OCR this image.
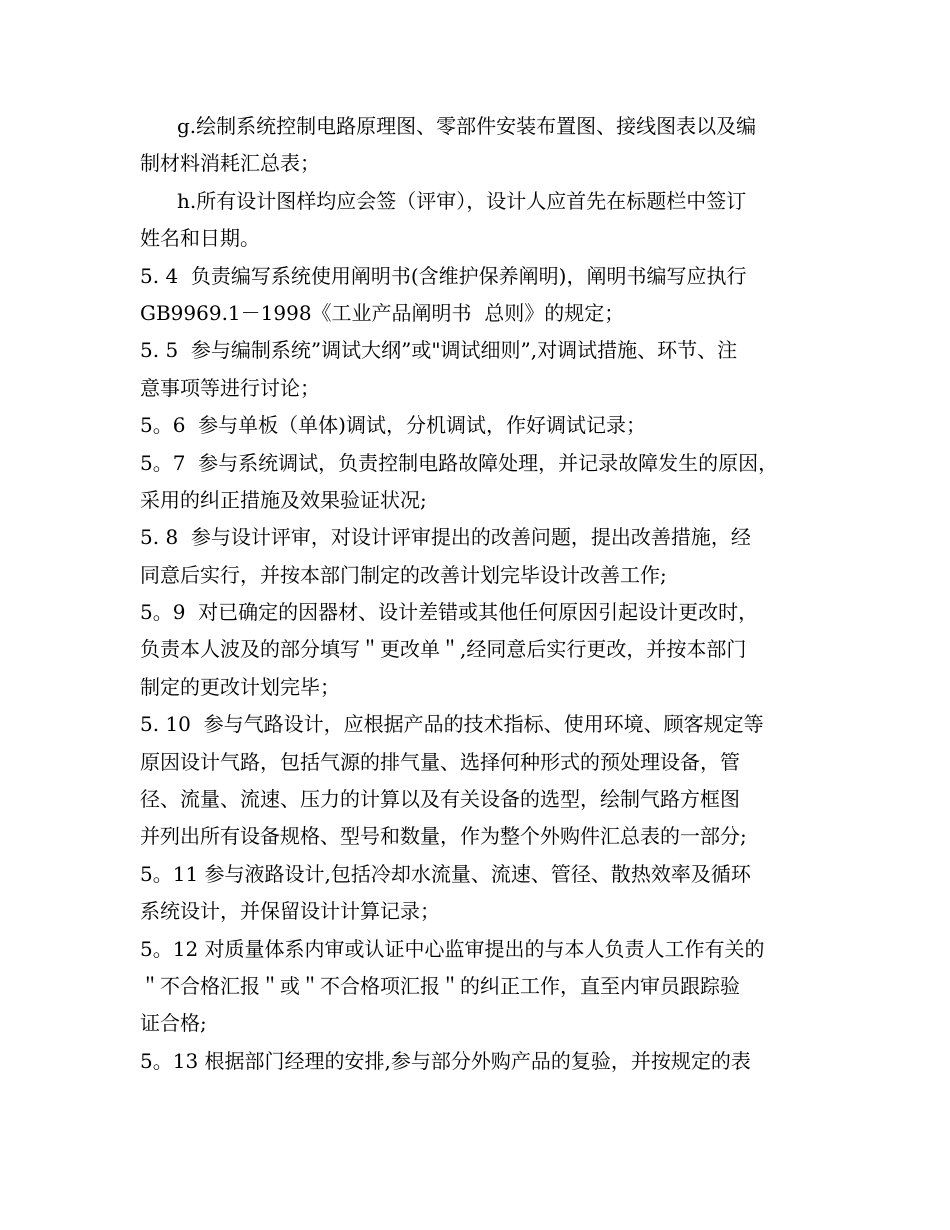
g.绘制系统控制电路原理图、零部件安装布置图、接线图表以及编
制材料消耗汇总表；
h.所有设计图样均应会签（评审），设计人应首先在标题栏中签订
姓名和日期。
5. 4  负责编写系统使用阐明书(含维护保养阐明)，阐明书编写应执行
GB9969.1－1998《工业产品阐明书  总则》的规定；
5. 5  参与编制系统”调试大纲”或"调试细则”,对调试措施、环节、注
意事项等进行讨论；
5。6  参与单板（单体)调试，分机调试，作好调试记录；
5。7  参与系统调试，负责控制电路故障处理，并记录故障发生的原因，
采用的纠正措施及效果验证状况;
5. 8  参与设计评审，对设计评审提出的改善问题，提出改善措施，经
同意后实行，并按本部门制定的改善计划完毕设计改善工作;
5。9  对已确定的因器材、设计差错或其他任何原因引起设计更改时，
负责本人波及的部分填写＂更改单＂,经同意后实行更改，并按本部门
制定的更改计划完毕；
5. 10  参与气路设计，应根据产品的技术指标、使用环境、顾客规定等
原因设计气路，包括气源的排气量、选择何种形式的预处理设备，管
径、流量、流速、压力的计算以及有关设备的选型，绘制气路方框图
并列出所有设备规格、型号和数量，作为整个外购件汇总表的一部分;
5。11 参与液路设计,包括冷却水流量、流速、管径、散热效率及循环
系统设计，并保留设计计算记录；
5。12 对质量体系内审或认证中心监审提出的与本人负责人工作有关的
＂不合格汇报＂或＂不合格项汇报＂的纠正工作，直至内审员跟踪验
证合格;
5。13 根据部门经理的安排,参与部分外购产品的复验，并按规定的表
